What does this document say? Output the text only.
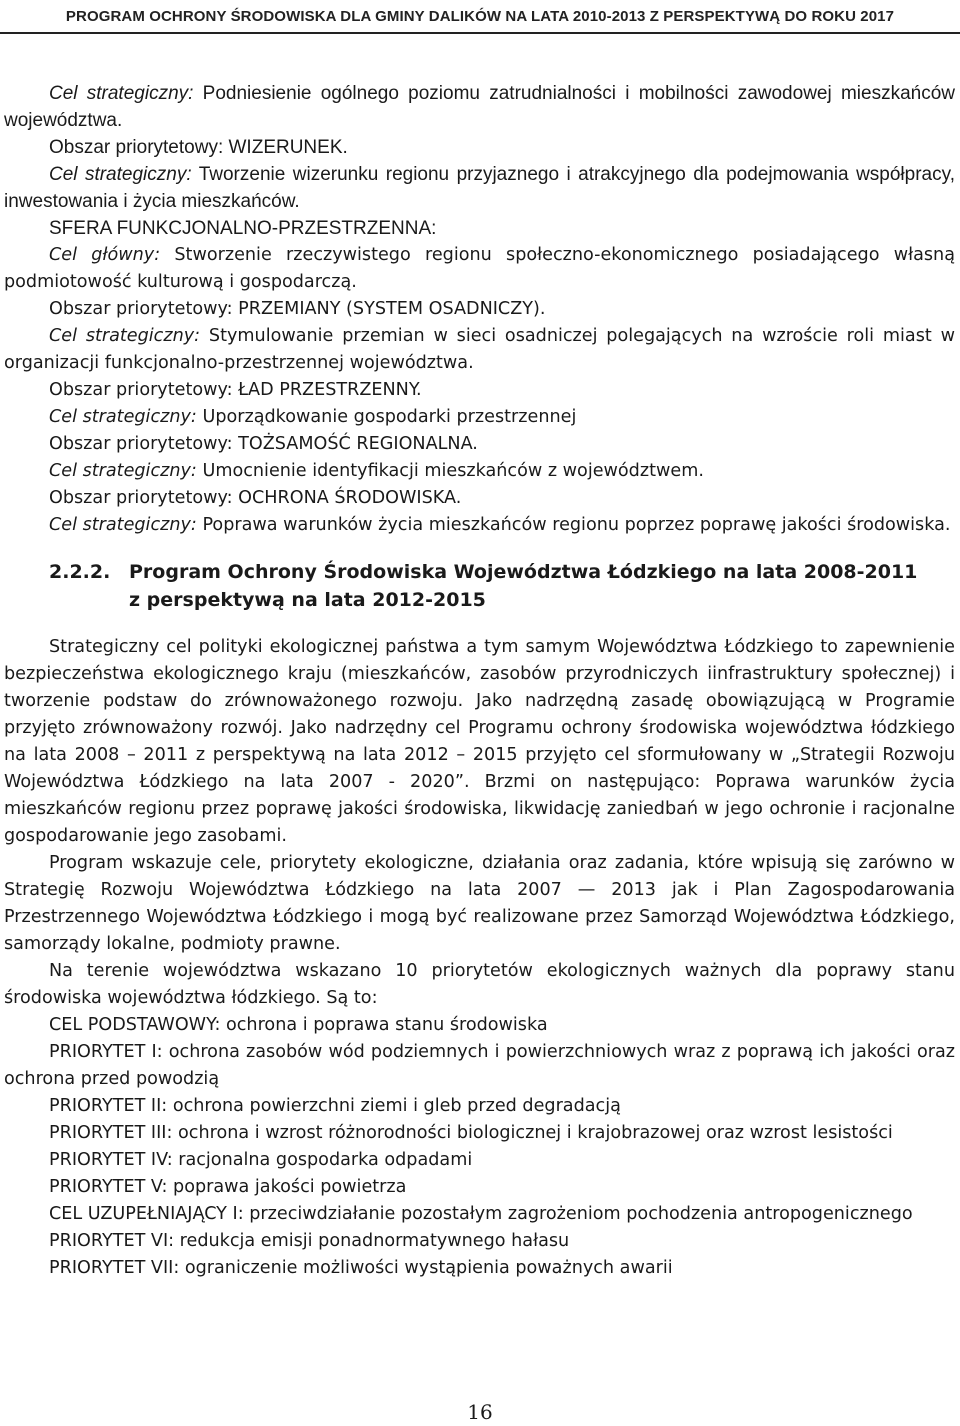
PROGRAM OCHRONY ŚRODOWISKA DLA GMINY DALIKÓW NA LATA 2010-2013 Z PERSPEKTYWĄ DO ROKU 2017

Cel strategiczny: Podniesienie ogólnego poziomu zatrudnialności i mobilności zawodowej mieszkańców województwa.

Obszar priorytetowy: WIZERUNEK.

Cel strategiczny: Tworzenie wizerunku regionu przyjaznego i atrakcyjnego dla podejmowania współpracy, inwestowania i życia mieszkańców.

SFERA FUNKCJONALNO-PRZESTRZENNA:

Cel główny: Stworzenie rzeczywistego regionu społeczno-ekonomicznego posiadającego własną podmiotowość kulturową i gospodarczą.

Obszar priorytetowy: PRZEMIANY (SYSTEM OSADNICZY).

Cel strategiczny: Stymulowanie przemian w sieci osadniczej polegających na wzroście roli miast w organizacji funkcjonalno-przestrzennej województwa.

Obszar priorytetowy: ŁAD PRZESTRZENNY.

Cel strategiczny: Uporządkowanie gospodarki przestrzennej

Obszar priorytetowy: TOŻSAMOŚĆ REGIONALNA.

Cel strategiczny: Umocnienie identyfikacji mieszkańców z województwem.

Obszar priorytetowy: OCHRONA ŚRODOWISKA.

Cel strategiczny: Poprawa warunków życia mieszkańców regionu poprzez poprawę jakości środowiska.

2.2.2. Program Ochrony Środowiska Województwa Łódzkiego na lata 2008-2011
z perspektywą na lata 2012-2015

Strategiczny cel polityki ekologicznej państwa a tym samym Województwa Łódzkiego to zapewnienie bezpieczeństwa ekologicznego kraju (mieszkańców, zasobów przyrodniczych iinfrastruktury społecznej) i tworzenie podstaw do zrównoważonego rozwoju. Jako nadrzędną zasadę obowiązującą w Programie przyjęto zrównoważony rozwój. Jako nadrzędny cel Programu ochrony środowiska województwa łódzkiego na lata 2008 – 2011 z perspektywą na lata 2012 – 2015 przyjęto cel sformułowany w „Strategii Rozwoju Województwa Łódzkiego na lata 2007 - 2020”. Brzmi on następująco: Poprawa warunków życia mieszkańców regionu przez poprawę jakości środowiska, likwidację zaniedbań w jego ochronie i racjonalne gospodarowanie jego zasobami.

Program wskazuje cele, priorytety ekologiczne, działania oraz zadania, które wpisują się zarówno w Strategię Rozwoju Województwa Łódzkiego na lata 2007 — 2013 jak i Plan Zagospodarowania Przestrzennego Województwa Łódzkiego i mogą być realizowane przez Samorząd Województwa Łódzkiego, samorządy lokalne, podmioty prawne.

Na terenie województwa wskazano 10 priorytetów ekologicznych ważnych dla poprawy stanu środowiska województwa łódzkiego. Są to:

CEL PODSTAWOWY: ochrona i poprawa stanu środowiska

PRIORYTET I: ochrona zasobów wód podziemnych i powierzchniowych wraz z poprawą ich jakości oraz ochrona przed powodzią

PRIORYTET II: ochrona powierzchni ziemi i gleb przed degradacją

PRIORYTET III: ochrona i wzrost różnorodności biologicznej i krajobrazowej oraz wzrost lesistości

PRIORYTET IV: racjonalna gospodarka odpadami

PRIORYTET V: poprawa jakości powietrza

CEL UZUPEŁNIAJĄCY I: przeciwdziałanie pozostałym zagrożeniom pochodzenia antropogenicznego

PRIORYTET VI: redukcja emisji ponadnormatywnego hałasu

PRIORYTET VII: ograniczenie możliwości wystąpienia poważnych awarii

16
